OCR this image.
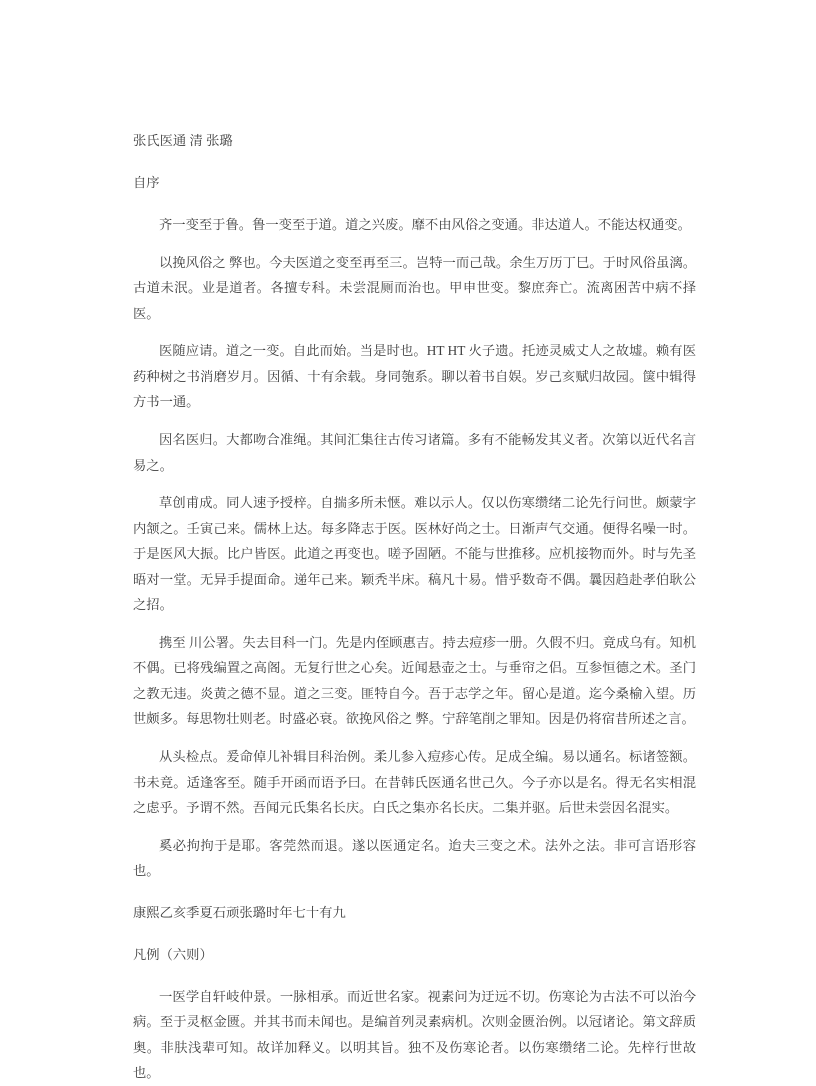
张氏医通 清 张璐
自序

齐一变至于鲁。鲁一变至于道。道之兴废。靡不由风俗之变通。非达道人。不能达权通变。

以挽风俗之 弊也。今夫医道之变至再至三。岂特一而己哉。余生万历丁巳。于时风俗虽漓。古道未泯。业是道者。各擅专科。未尝混厕而治也。甲申世变。黎庶奔亡。流离困苦中病不择医。

医随应请。道之一变。自此而始。当是时也。HT HT 火子遗。托迹灵威丈人之故墟。赖有医药种树之书消磨岁月。因循、十有余载。身同匏系。聊以着书自娱。岁己亥赋归故园。箧中辑得方书一通。

因名医归。大都吻合准绳。其间汇集往古传习诸篇。多有不能畅发其义者。次第以近代名言易之。

草创甫成。同人速予授梓。自揣多所未惬。难以示人。仅以伤寒缵绪二论先行问世。颇蒙字内颔之。壬寅己来。儒林上达。每多降志于医。医林好尚之士。日渐声气交通。便得名噪一时。于是医风大振。比户皆医。此道之再变也。嗟予固陋。不能与世推移。应机接物而外。时与先圣晤对一堂。无异手提面命。递年己来。颖秃半床。稿凡十易。惜乎数奇不偶。曩因趋赴孝伯耿公之招。

携至 川公署。失去目科一门。先是内侄顾惠吉。持去痘疹一册。久假不归。竟成乌有。知机不偶。已将残编置之高阁。无复行世之心矣。近闻悬壶之士。与垂帘之侣。互参恒德之术。圣门之教无违。炎黄之德不显。道之三变。匪特自今。吾于志学之年。留心是道。迄今桑榆入望。历世颇多。每思物壮则老。时盛必衰。欲挽风俗之 弊。宁辞笔削之罪知。因是仍将宿昔所述之言。

从头检点。爰命倬儿补辑目科治例。柔儿参入痘疹心传。足成全编。易以通名。标诸签额。书未竟。适逢客至。随手开函而语予曰。在昔韩氏医通名世己久。今子亦以是名。得无名实相混之虑乎。予谓不然。吾闻元氏集名长庆。白氏之集亦名长庆。二集并驱。后世未尝因名混实。

奚必拘拘于是耶。客莞然而退。遂以医通定名。迨夫三变之术。法外之法。非可言语形容也。

康熙乙亥季夏石顽张璐时年七十有九
凡例（六则）

一医学自轩岐仲景。一脉相承。而近世名家。视素问为迂远不切。伤寒论为古法不可以治今病。至于灵枢金匮。并其书而未闻也。是编首列灵素病机。次则金匮治例。以冠诸论。第文辞质奥。非肤浅辈可知。故详加释义。以明其旨。独不及伤寒论者。以伤寒缵绪二论。先梓行世故也。
